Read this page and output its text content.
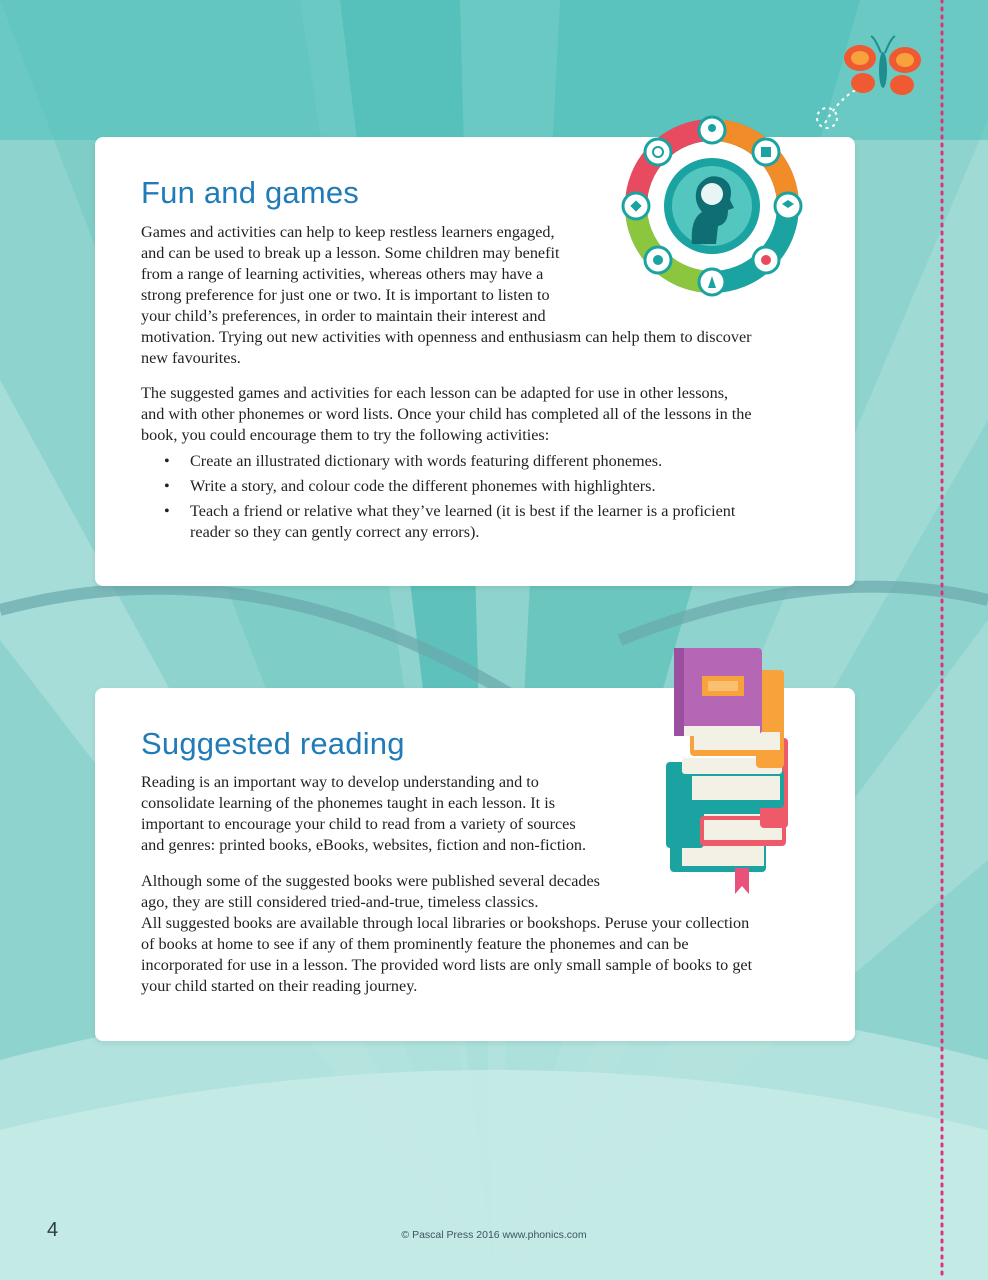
Fun and games

Games and activities can help to keep restless learners engaged,
and can be used to break up a lesson. Some children may benefit
from a range of learning activities, whereas others may have a
strong preference for just one or two. It is important to listen to
your child’s preferences, in order to maintain their interest and
motivation. Trying out new activities with openness and enthusiasm can help them to discover
new favourites.

The suggested games and activities for each lesson can be adapted for use in other lessons,
and with other phonemes or word lists. Once your child has completed all of the lessons in the
book, you could encourage them to try the following activities:

• Create an illustrated dictionary with words featuring different phonemes.
• Write a story, and colour code the different phonemes with highlighters.
• Teach a friend or relative what they’ve learned (it is best if the learner is a proficient
reader so they can gently correct any errors).
Suggested reading

Reading is an important way to develop understanding and to
consolidate learning of the phonemes taught in each lesson. It is
important to encourage your child to read from a variety of sources
and genres: printed books, eBooks, websites, fiction and non-fiction.

Although some of the suggested books were published several decades
ago, they are still considered tried-and-true, timeless classics.
All suggested books are available through local libraries or bookshops. Peruse your collection
of books at home to see if any of them prominently feature the phonemes and can be
incorporated for use in a lesson. The provided word lists are only small sample of books to get
your child started on their reading journey.

4	© Pascal Press 2016 www.phonics.com
